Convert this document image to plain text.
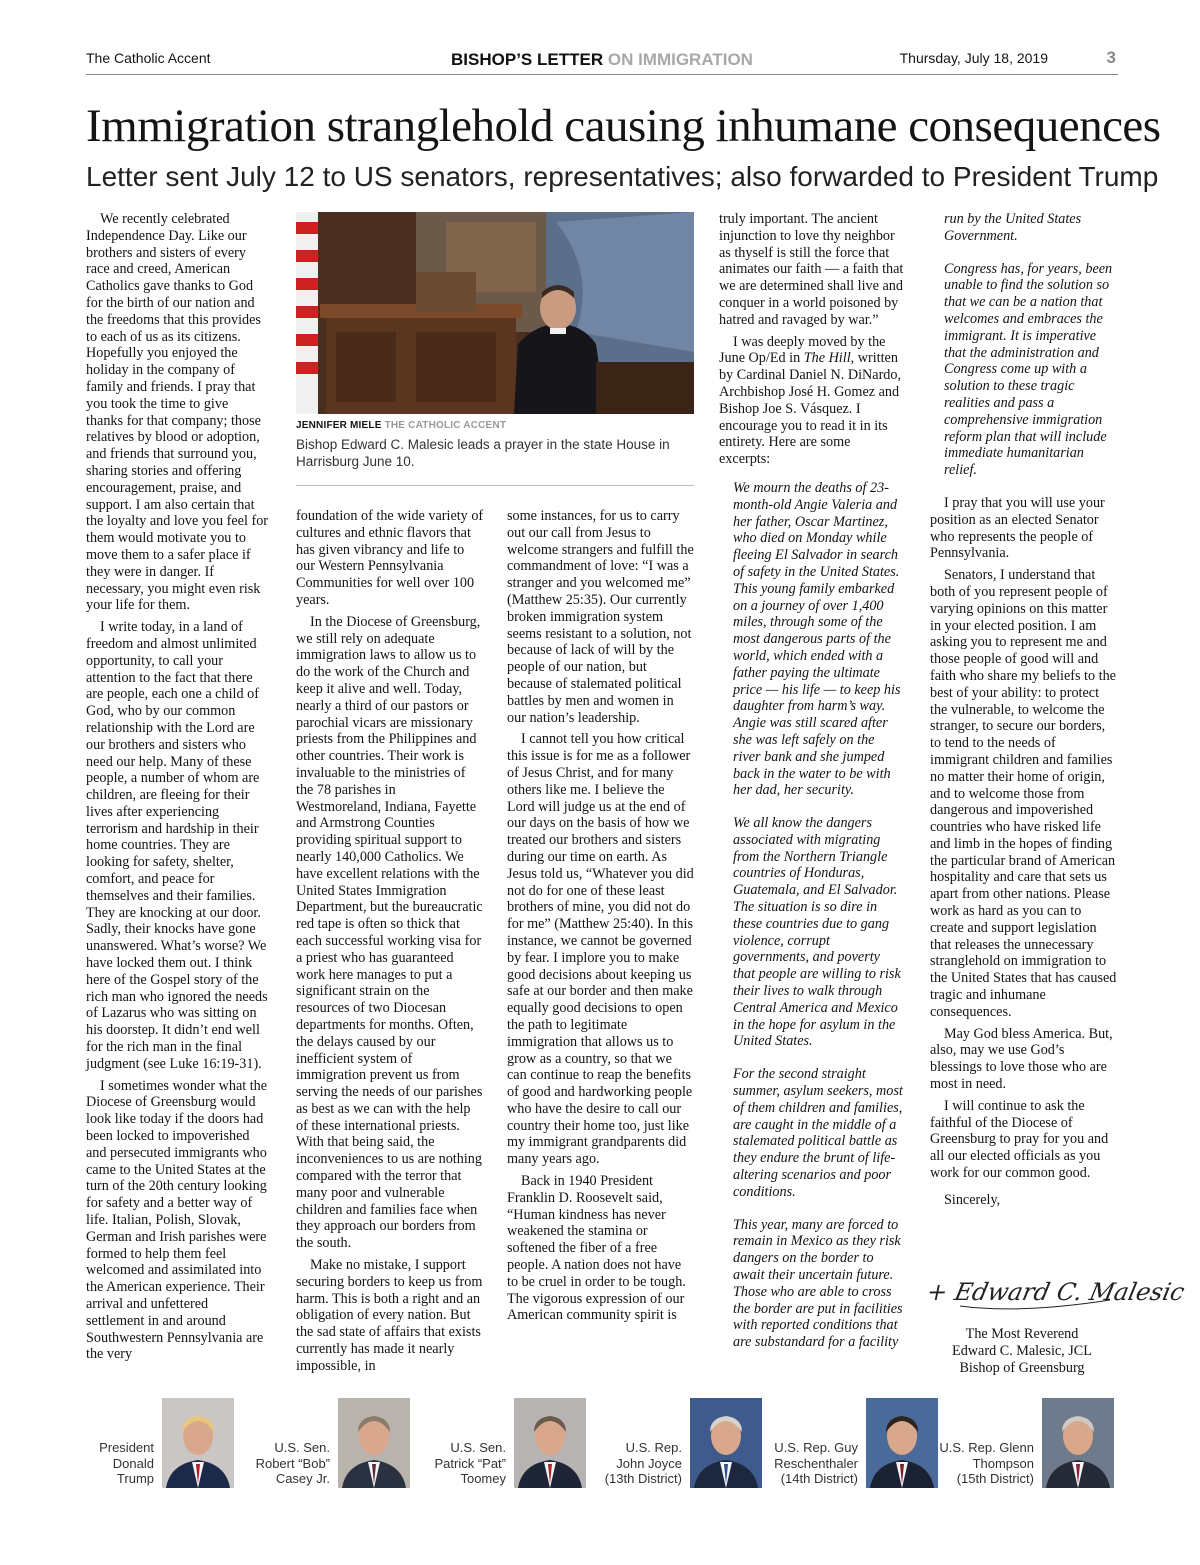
The Catholic Accent	BISHOP’S LETTER ON IMMIGRATION	Thursday, July 18, 2019	3
Immigration stranglehold causing inhumane consequences
Letter sent July 12 to US senators, representatives; also forwarded to President Trump

We recently celebrated Independence Day. Like our brothers and sisters of every race and creed, American Catholics gave thanks to God for the birth of our nation and the freedoms that this provides to each of us as its citizens. Hopefully you enjoyed the holiday in the company of family and friends. I pray that you took the time to give thanks for that company; those relatives by blood or adoption, and friends that surround you, sharing stories and offering encouragement, praise, and support. I am also certain that the loyalty and love you feel for them would motivate you to move them to a safer place if they were in danger. If necessary, you might even risk your life for them.

I write today, in a land of freedom and almost unlimited opportunity, to call your attention to the fact that there are people, each one a child of God, who by our common relationship with the Lord are our brothers and sisters who need our help. Many of these people, a number of whom are children, are fleeing for their lives after experiencing terrorism and hardship in their home countries. They are looking for safety, shelter, comfort, and peace for themselves and their families. They are knocking at our door. Sadly, their knocks have gone unanswered. What’s worse? We have locked them out. I think here of the Gospel story of the rich man who ignored the needs of Lazarus who was sitting on his doorstep. It didn’t end well for the rich man in the final judgment (see Luke 16:19-31).

I sometimes wonder what the Diocese of Greensburg would look like today if the doors had been locked to impoverished and persecuted immigrants who came to the United States at the turn of the 20th century looking for safety and a better way of life. Italian, Polish, Slovak, German and Irish parishes were formed to help them feel welcomed and assimilated into the American experience. Their arrival and unfettered settlement in and around Southwestern Pennsylvania are the very

JENNIFER MIELE THE CATHOLIC ACCENT
Bishop Edward C. Malesic leads a prayer in the state House in Harrisburg June 10.

foundation of the wide variety of cultures and ethnic flavors that has given vibrancy and life to our Western Pennsylvania Communities for well over 100 years.

In the Diocese of Greensburg, we still rely on adequate immigration laws to allow us to do the work of the Church and keep it alive and well. Today, nearly a third of our pastors or parochial vicars are missionary priests from the Philippines and other countries. Their work is invaluable to the ministries of the 78 parishes in Westmoreland, Indiana, Fayette and Armstrong Counties providing spiritual support to nearly 140,000 Catholics. We have excellent relations with the United States Immigration Department, but the bureaucratic red tape is often so thick that each successful working visa for a priest who has guaranteed work here manages to put a significant strain on the resources of two Diocesan departments for months. Often, the delays caused by our inefficient system of immigration prevent us from serving the needs of our parishes as best as we can with the help of these international priests. With that being said, the inconveniences to us are nothing compared with the terror that many poor and vulnerable children and families face when they approach our borders from the south.

Make no mistake, I support securing borders to keep us from harm. This is both a right and an obligation of every nation. But the sad state of affairs that exists currently has made it nearly impossible, in

some instances, for us to carry out our call from Jesus to welcome strangers and fulfill the commandment of love: “I was a stranger and you welcomed me” (Matthew 25:35). Our currently broken immigration system seems resistant to a solution, not because of lack of will by the people of our nation, but because of stalemated political battles by men and women in our nation’s leadership.

I cannot tell you how critical this issue is for me as a follower of Jesus Christ, and for many others like me. I believe the Lord will judge us at the end of our days on the basis of how we treated our brothers and sisters during our time on earth. As Jesus told us, “Whatever you did not do for one of these least brothers of mine, you did not do for me” (Matthew 25:40). In this instance, we cannot be governed by fear. I implore you to make good decisions about keeping us safe at our border and then make equally good decisions to open the path to legitimate immigration that allows us to grow as a country, so that we can continue to reap the benefits of good and hardworking people who have the desire to call our country their home too, just like my immigrant grandparents did many years ago.

Back in 1940 President Franklin D. Roosevelt said, “Human kindness has never weakened the stamina or softened the fiber of a free people. A nation does not have to be cruel in order to be tough. The vigorous expression of our American community spirit is

truly important. The ancient injunction to love thy neighbor as thyself is still the force that animates our faith — a faith that we are determined shall live and conquer in a world poisoned by hatred and ravaged by war.”

I was deeply moved by the June Op/Ed in The Hill, written by Cardinal Daniel N. DiNardo, Archbishop José H. Gomez and Bishop Joe S. Vásquez. I encourage you to read it in its entirety. Here are some excerpts:

We mourn the deaths of 23-month-old Angie Valeria and her father, Oscar Martinez, who died on Monday while fleeing El Salvador in search of safety in the United States. This young family embarked on a journey of over 1,400 miles, through some of the most dangerous parts of the world, which ended with a father paying the ultimate price — his life — to keep his daughter from harm’s way. Angie was still scared after she was left safely on the river bank and she jumped back in the water to be with her dad, her security.

We all know the dangers associated with migrating from the Northern Triangle countries of Honduras, Guatemala, and El Salvador. The situation is so dire in these countries due to gang violence, corrupt governments, and poverty that people are willing to risk their lives to walk through Central America and Mexico in the hope for asylum in the United States.

For the second straight summer, asylum seekers, most of them children and families, are caught in the middle of a stalemated political battle as they endure the brunt of life-altering scenarios and poor conditions.

This year, many are forced to remain in Mexico as they risk dangers on the border to await their uncertain future. Those who are able to cross the border are put in facilities with reported conditions that are substandard for a facility

run by the United States Government.

Congress has, for years, been unable to find the solution so that we can be a nation that welcomes and embraces the immigrant. It is imperative that the administration and Congress come up with a solution to these tragic realities and pass a comprehensive immigration reform plan that will include immediate humanitarian relief.

I pray that you will use your position as an elected Senator who represents the people of Pennsylvania.

Senators, I understand that both of you represent people of varying opinions on this matter in your elected position. I am asking you to represent me and those people of good will and faith who share my beliefs to the best of your ability: to protect the vulnerable, to welcome the stranger, to secure our borders, to tend to the needs of immigrant children and families no matter their home of origin, and to welcome those from dangerous and impoverished countries who have risked life and limb in the hopes of finding the particular brand of American hospitality and care that sets us apart from other nations. Please work as hard as you can to create and support legislation that releases the unnecessary stranglehold on immigration to the United States that has caused tragic and inhumane consequences.

May God bless America. But, also, may we use God’s blessings to love those who are most in need.

I will continue to ask the faithful of the Diocese of Greensburg to pray for you and all our elected officials as you work for our common good.

Sincerely,

+ Edward C. Malesic
The Most Reverend
Edward C. Malesic, JCL
Bishop of Greensburg
President
Donald
Trump
U.S. Sen.
Robert “Bob”
Casey Jr.
U.S. Sen.
Patrick “Pat”
Toomey
U.S. Rep.
John Joyce
(13th District)
U.S. Rep. Guy
Reschenthaler
(14th District)
U.S. Rep. Glenn
Thompson
(15th District)
